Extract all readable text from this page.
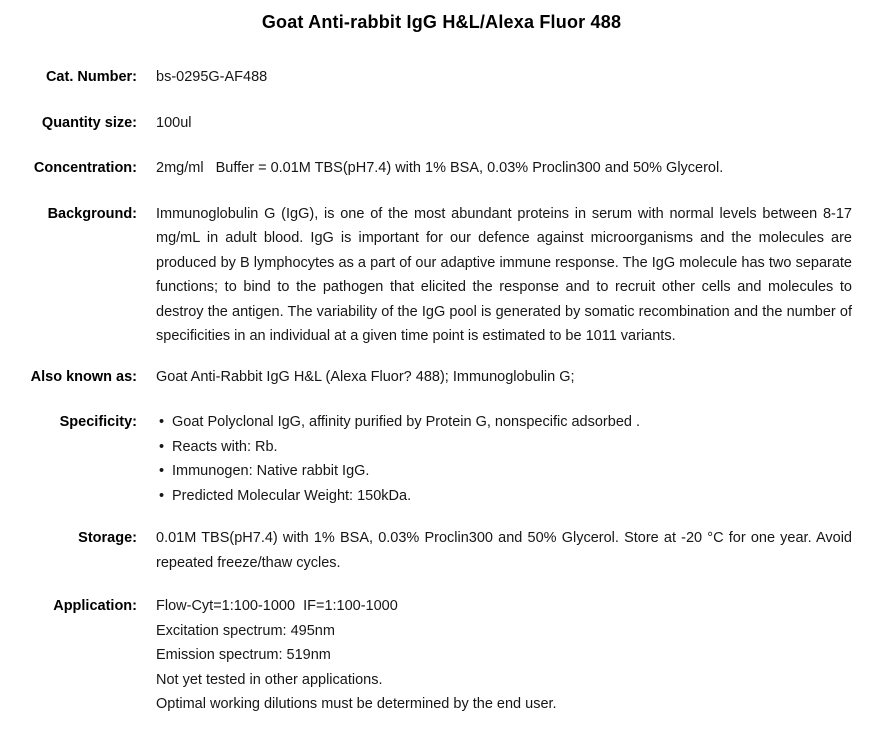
Goat Anti-rabbit IgG H&L/Alexa Fluor 488
Cat. Number: bs-0295G-AF488
Quantity size: 100ul
Concentration: 2mg/ml   Buffer = 0.01M TBS(pH7.4) with 1% BSA, 0.03% Proclin300 and 50% Glycerol.
Background: Immunoglobulin G (IgG), is one of the most abundant proteins in serum with normal levels between 8-17 mg/mL in adult blood. IgG is important for our defence against microorganisms and the molecules are produced by B lymphocytes as a part of our adaptive immune response. The IgG molecule has two separate functions; to bind to the pathogen that elicited the response and to recruit other cells and molecules to destroy the antigen. The variability of the IgG pool is generated by somatic recombination and the number of specificities in an individual at a given time point is estimated to be 1011 variants.
Also known as: Goat Anti-Rabbit IgG H&L (Alexa Fluor? 488); Immunoglobulin G;
Specificity: • Goat Polyclonal IgG, affinity purified by Protein G, nonspecific adsorbed .
• Reacts with: Rb.
• Immunogen: Native rabbit IgG.
• Predicted Molecular Weight: 150kDa.
Storage: 0.01M TBS(pH7.4) with 1% BSA, 0.03% Proclin300 and 50% Glycerol. Store at -20 °C for one year. Avoid repeated freeze/thaw cycles.
Application: Flow-Cyt=1:100-1000  IF=1:100-1000
Excitation spectrum: 495nm
Emission spectrum: 519nm
Not yet tested in other applications.
Optimal working dilutions must be determined by the end user.
